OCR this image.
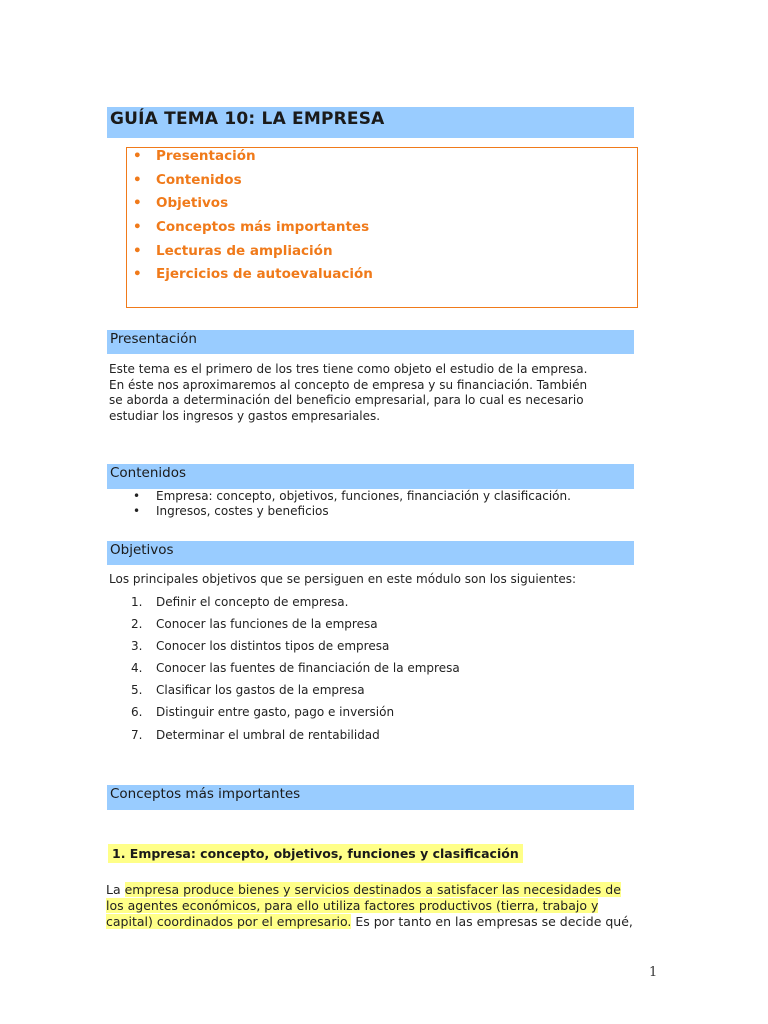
GUÍA TEMA 10: LA EMPRESA
• Presentación
• Contenidos
• Objetivos
• Conceptos más importantes
• Lecturas de ampliación
• Ejercicios de autoevaluación
Presentación
Este tema es el primero de los tres tiene como objeto el estudio de la empresa.
En éste nos aproximaremos al concepto de empresa y su financiación. También
se aborda a determinación del beneficio empresarial, para lo cual es necesario
estudiar los ingresos y gastos empresariales.
Contenidos
• Empresa: concepto, objetivos, funciones, financiación y clasificación.
• Ingresos, costes y beneficios
Objetivos
Los principales objetivos que se persiguen en este módulo son los siguientes:
1. Definir el concepto de empresa.
2. Conocer las funciones de la empresa
3. Conocer los distintos tipos de empresa
4. Conocer las fuentes de financiación de la empresa
5. Clasificar los gastos de la empresa
6. Distinguir entre gasto, pago e inversión
7. Determinar el umbral de rentabilidad
Conceptos más importantes
1. Empresa: concepto, objetivos, funciones y clasificación
La empresa produce bienes y servicios destinados a satisfacer las necesidades de
los agentes económicos, para ello utiliza factores productivos (tierra, trabajo y
capital) coordinados por el empresario. Es por tanto en las empresas se decide qué,
1
